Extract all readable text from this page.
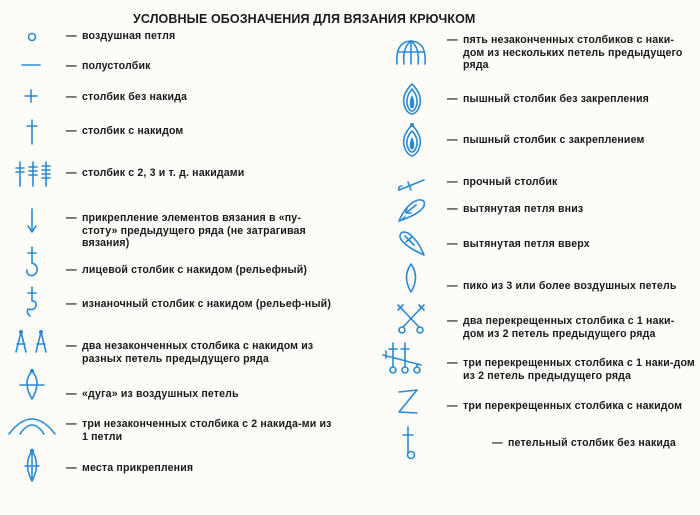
УСЛОВНЫЕ ОБОЗНАЧЕНИЯ ДЛЯ ВЯЗАНИЯ КРЮЧКОМ
— воздушная петля
— полустолбик
— столбик без накида
— столбик с накидом
— столбик с 2, 3 и т. д. накидами
— прикрепление элементов вязания в «пу-стоту» предыдущего ряда (не затрагивая вязания)
— лицевой столбик с накидом (рельефный)
— изнаночный столбик с накидом (рельеф-ный)
— два незаконченных столбика с накидом из разных петель предыдущего ряда
— «дуга» из воздушных петель
— три незаконченных столбика с 2 накида-ми из 1 петли
— места прикрепления
— пять незаконченных столбиков с наки-дом из нескольких петель предыдущего ряда
— пышный столбик без закрепления
— пышный столбик с закреплением
— прочный столбик
— вытянутая петля вниз
— вытянутая петля вверх
— пико из 3 или более воздушных петель
— два перекрещенных столбика с 1 наки-дом из 2 петель предыдущего ряда
— три перекрещенных столбика с 1 наки-дом из 2 петель предыдущего ряда
— три перекрещенных столбика с накидом
— петельный столбик без накида
